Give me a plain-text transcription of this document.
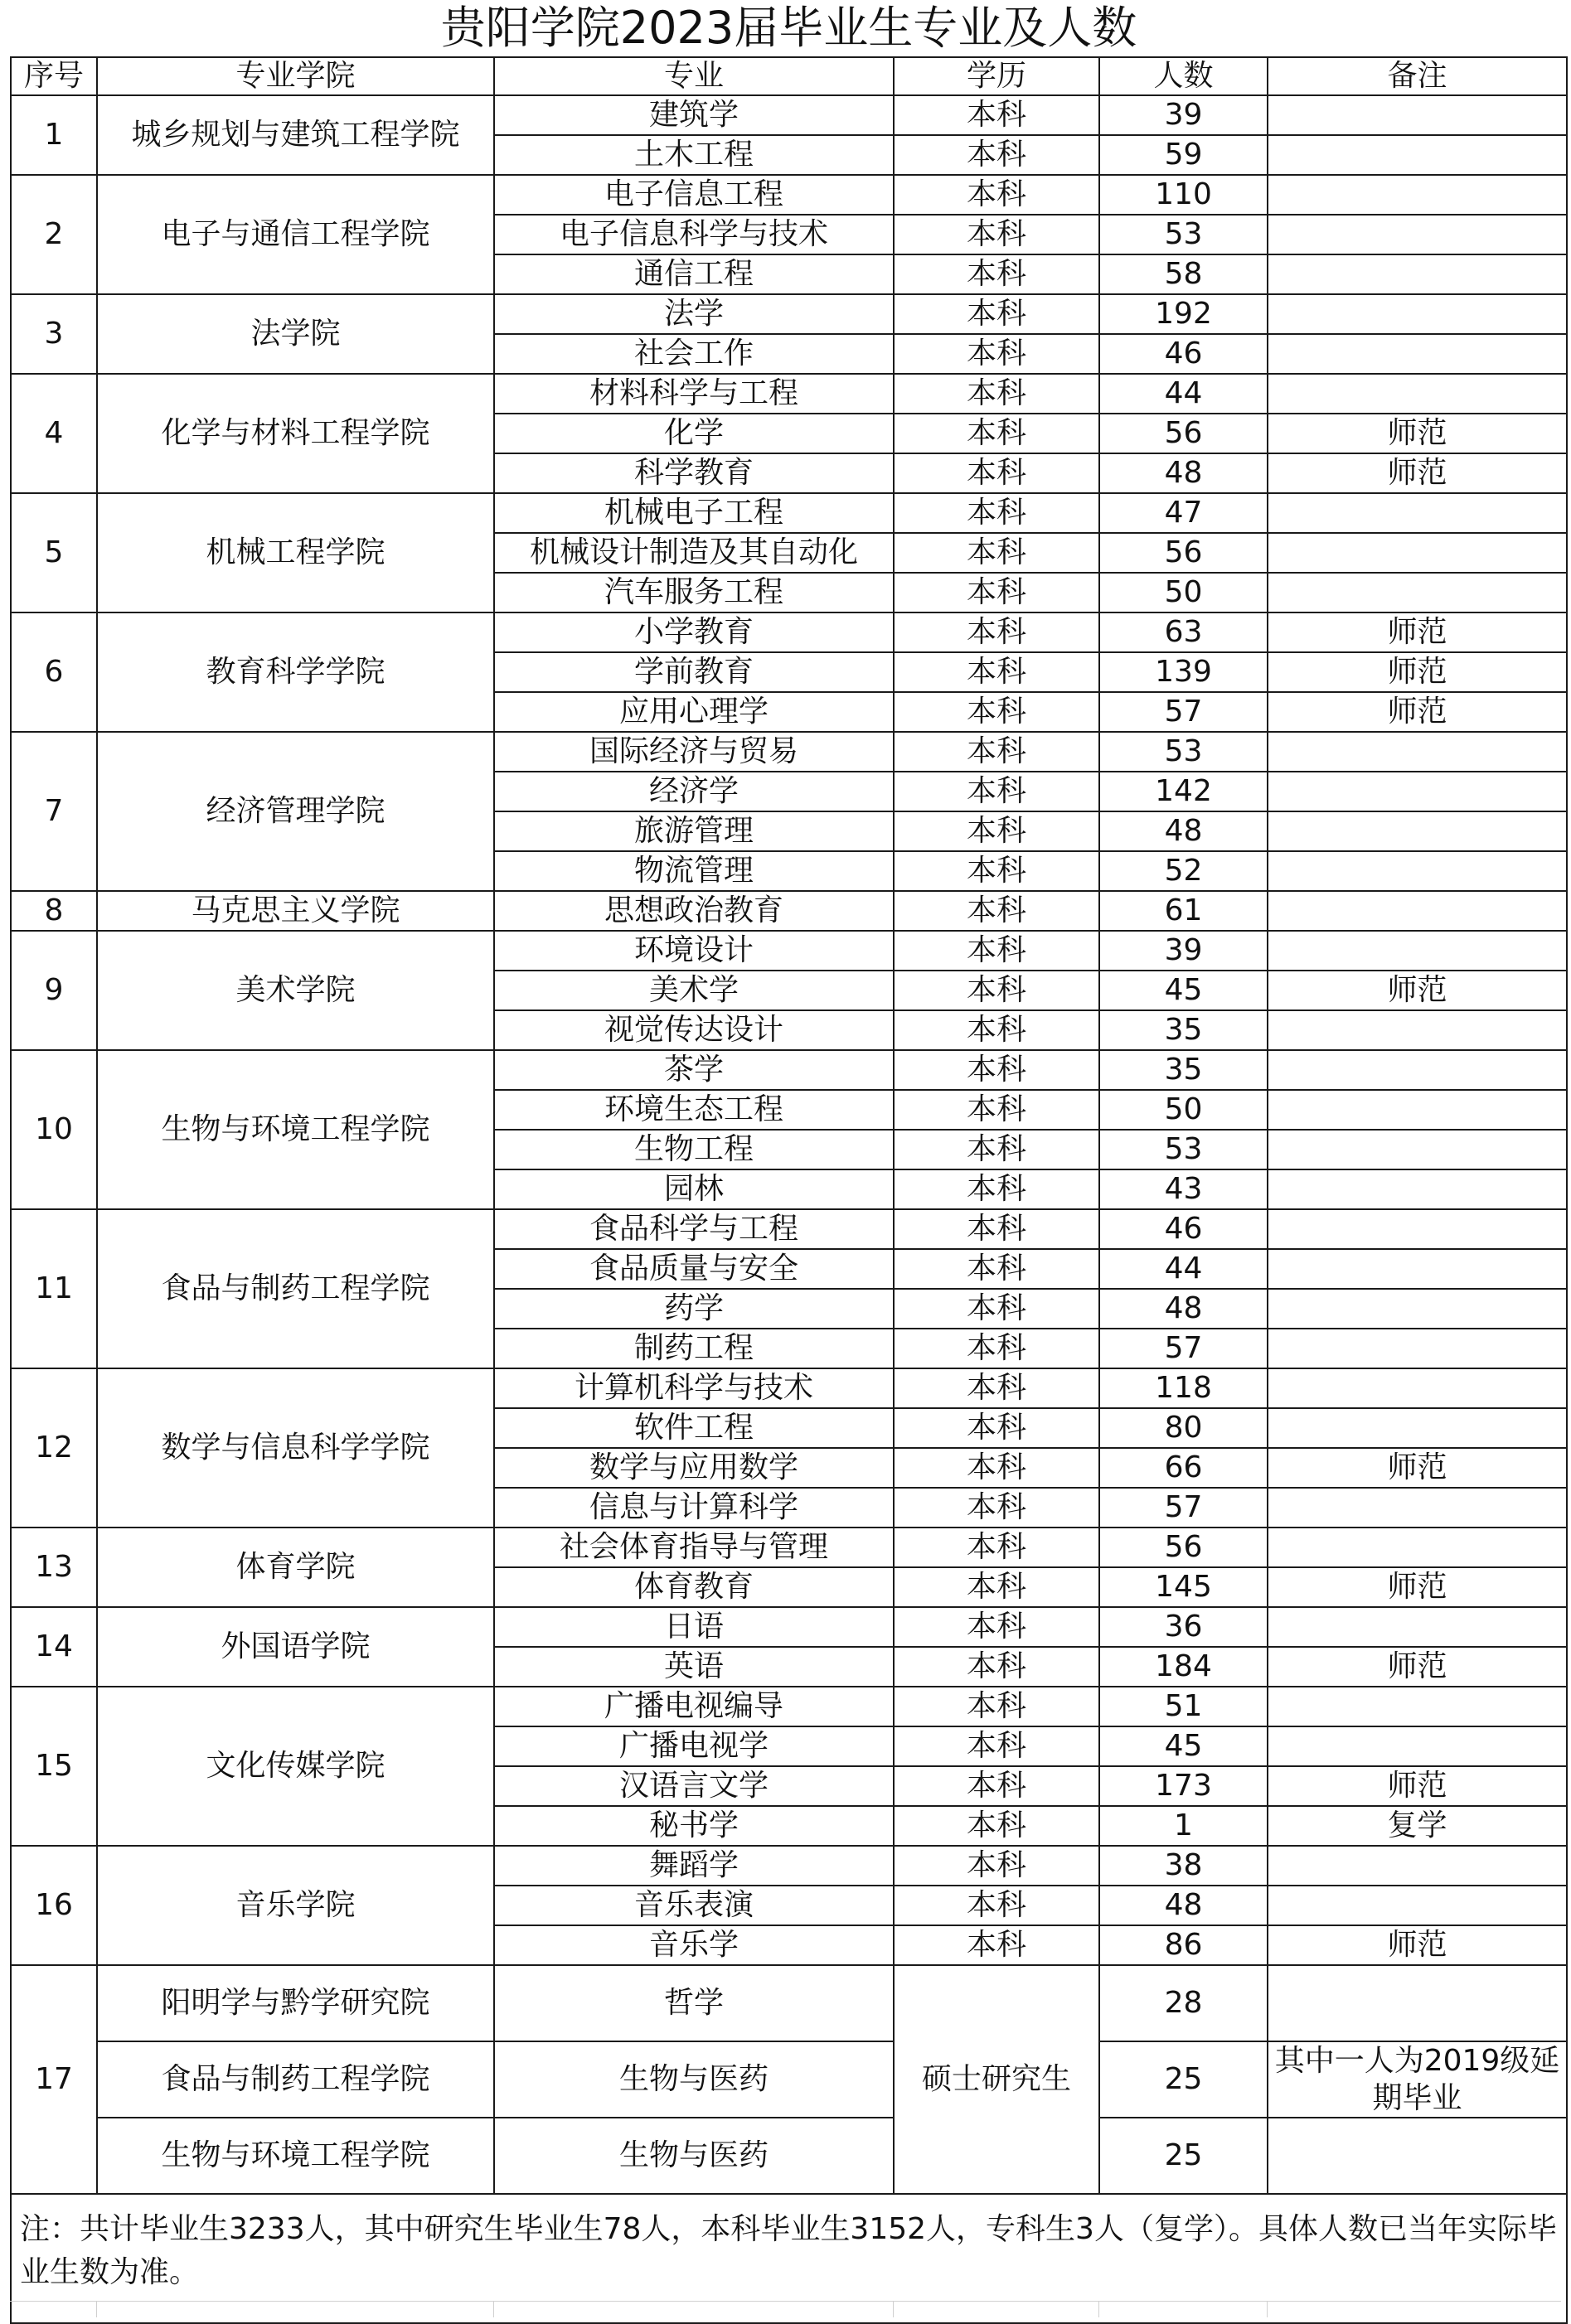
贵阳学院2023届毕业生专业及人数					
序号	专业学院	专业	学历	人数	备注
1	城乡规划与建筑工程学院	建筑学	本科	39	
		土木工程	本科	59	
2	电子与通信工程学院	电子信息工程	本科	110	
		电子信息科学与技术	本科	53	
		通信工程	本科	58	
3	法学院	法学	本科	192	
		社会工作	本科	46	
4	化学与材料工程学院	材料科学与工程	本科	44	
		化学	本科	56	师范
		科学教育	本科	48	师范
5	机械工程学院	机械电子工程	本科	47	
		机械设计制造及其自动化	本科	56	
		汽车服务工程	本科	50	
6	教育科学学院	小学教育	本科	63	师范
		学前教育	本科	139	师范
		应用心理学	本科	57	师范
7	经济管理学院	国际经济与贸易	本科	53	
		经济学	本科	142	
		旅游管理	本科	48	
		物流管理	本科	52	
8	马克思主义学院	思想政治教育	本科	61	
9	美术学院	环境设计	本科	39	
		美术学	本科	45	师范
		视觉传达设计	本科	35	
10	生物与环境工程学院	茶学	本科	35	
		环境生态工程	本科	50	
		生物工程	本科	53	
		园林	本科	43	
11	食品与制药工程学院	食品科学与工程	本科	46	
		食品质量与安全	本科	44	
		药学	本科	48	
		制药工程	本科	57	
12	数学与信息科学学院	计算机科学与技术	本科	118	
		软件工程	本科	80	
		数学与应用数学	本科	66	师范
		信息与计算科学	本科	57	
13	体育学院	社会体育指导与管理	本科	56	
		体育教育	本科	145	师范
14	外国语学院	日语	本科	36	
		英语	本科	184	师范
15	文化传媒学院	广播电视编导	本科	51	
		广播电视学	本科	45	
		汉语言文学	本科	173	师范
		秘书学	本科	1	复学
16	音乐学院	舞蹈学	本科	38	
		音乐表演	本科	48	
		音乐学	本科	86	师范
17	阳明学与黔学研究院	哲学	硕士研究生	28	
	食品与制药工程学院	生物与医药		25	其中一人为2019级延期毕业
	生物与环境工程学院	生物与医药		25	
注：共计毕业生3233人，其中研究生毕业生78人，本科毕业生3152人，专科生3人（复学）。具体人数已当年实际毕业生数为准。					
